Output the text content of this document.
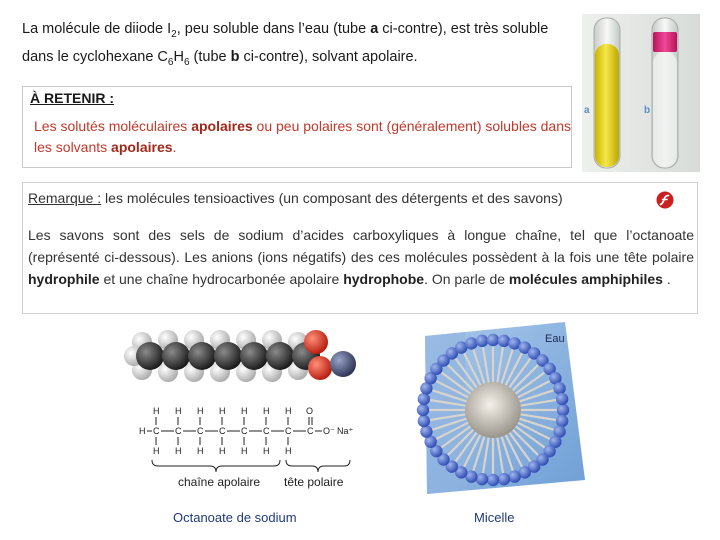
La molécule de diiode $I_2$, peu soluble dans l’eau (tube a ci-contre), est très soluble dans le cyclohexane $C_6H_6$ (tube b ci-contre), solvant apolaire.
À RETENIR :
Les solutés moléculaires apolaires ou peu polaires sont (généralement) solubles dans les solvants apolaires.
a	b
Remarque : les molécules tensioactives (un composant des détergents et des savons)
Les savons sont des sels de sodium d’acides carboxyliques à longue chaîne, tel que l’octanoate (représenté ci-dessous). Les anions (ions négatifs) des ces molécules possèdent à la fois une tête polaire hydrophile et une chaîne hydrocarbonée apolaire hydrophobe. On parle de molécules amphiphiles .
H H H H H H H
H C C C C C C C C
H H H H H H H
O
O⁻ Na⁺
chaîne apolaire tête polaire
Eau
Octanoate de sodium	Micelle
